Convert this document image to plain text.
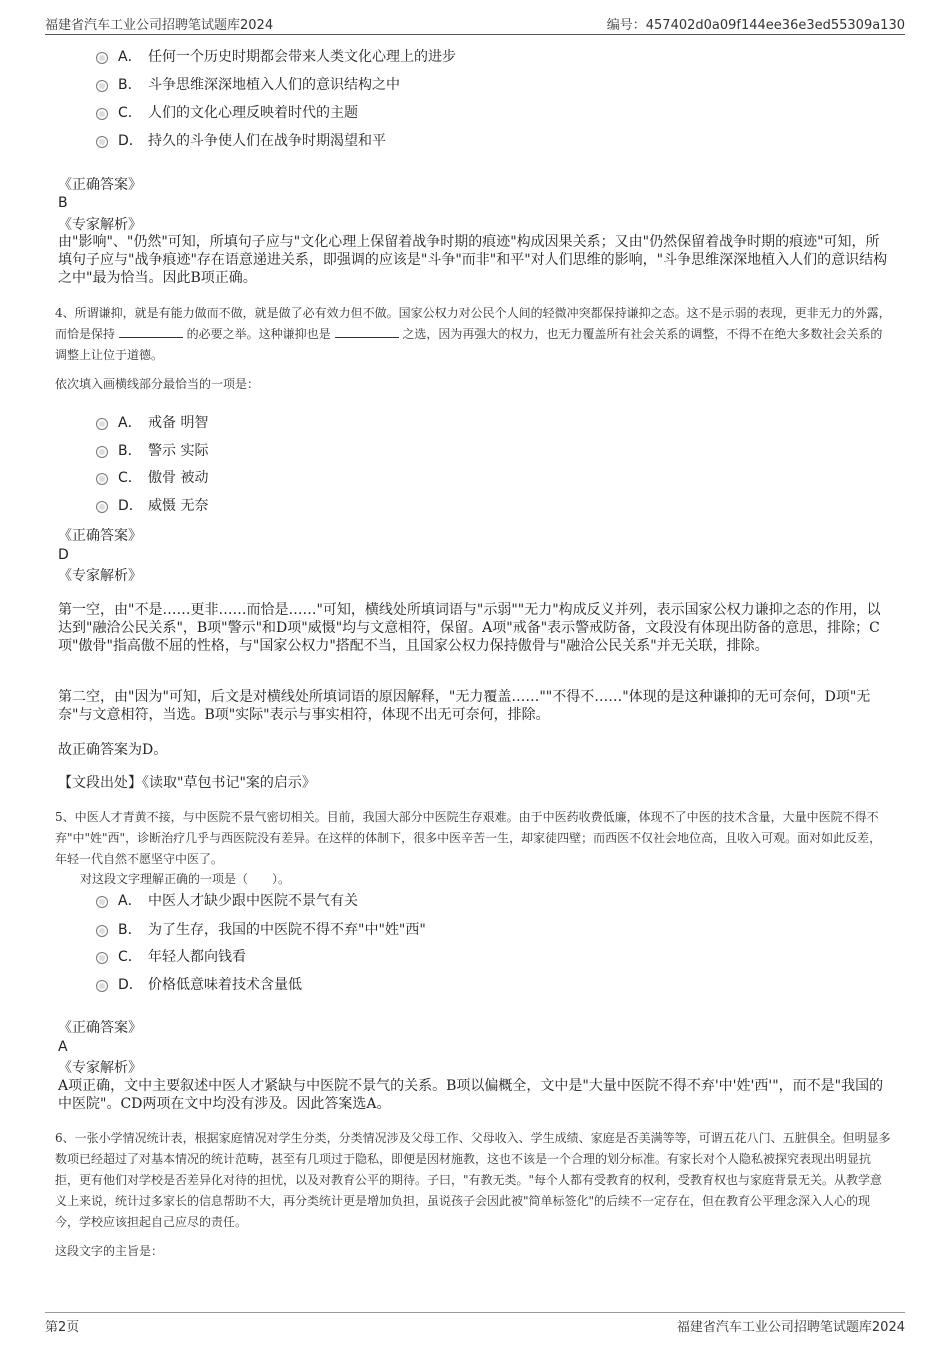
福建省汽车工业公司招聘笔试题库2024	编号：457402d0a09f144ee36e3ed55309a130
A． 任何一个历史时期都会带来人类文化心理上的进步
B． 斗争思维深深地植入人们的意识结构之中
C． 人们的文化心理反映着时代的主题
D． 持久的斗争使人们在战争时期渴望和平
《正确答案》
B
《专家解析》
由"影响"、"仍然"可知，所填句子应与"文化心理上保留着战争时期的痕迹"构成因果关系；又由"仍然保留着战争时期的痕迹"可知，所填句子应与"战争痕迹"存在语意递进关系，即强调的应该是"斗争"而非"和平"对人们思维的影响，"斗争思维深深地植入人们的意识结构之中"最为恰当。因此B项正确。
4、所谓谦抑，就是有能力做而不做，就是做了必有效力但不做。国家公权力对公民个人间的轻微冲突都保持谦抑之态。这不是示弱的表现，更非无力的外露，而恰是保持	的必要之举。这种谦抑也是	之选，因为再强大的权力，也无力覆盖所有社会关系的调整，不得不在绝大多数社会关系的调整上让位于道德。
依次填入画横线部分最恰当的一项是：
A． 戒备 明智
B． 警示 实际
C． 傲骨 被动
D． 威慑 无奈
《正确答案》
D
《专家解析》
第一空，由"不是……更非……而恰是……"可知，横线处所填词语与"示弱""无力"构成反义并列，表示国家公权力谦抑之态的作用，以达到"融洽公民关系"，B项"警示"和D项"威慑"均与文意相符，保留。A项"戒备"表示警戒防备，文段没有体现出防备的意思，排除；C项"傲骨"指高傲不屈的性格，与"国家公权力"搭配不当，且国家公权力保持傲骨与"融洽公民关系"并无关联，排除。
第二空，由"因为"可知，后文是对横线处所填词语的原因解释，"无力覆盖……""不得不……"体现的是这种谦抑的无可奈何，D项"无奈"与文意相符，当选。B项"实际"表示与事实相符，体现不出无可奈何，排除。
故正确答案为D。
【文段出处】《读取"草包书记"案的启示》
5、中医人才青黄不接，与中医院不景气密切相关。目前，我国大部分中医院生存艰难。由于中医药收费低廉，体现不了中医的技术含量，大量中医院不得不弃"中"姓"西"，诊断治疗几乎与西医院没有差异。在这样的体制下，很多中医辛苦一生，却家徒四壁；而西医不仅社会地位高，且收入可观。面对如此反差，年轻一代自然不愿坚守中医了。
对这段文字理解正确的一项是（　　）。
A． 中医人才缺少跟中医院不景气有关
B． 为了生存，我国的中医院不得不弃"中"姓"西"
C． 年轻人都向钱看
D． 价格低意味着技术含量低
《正确答案》
A
《专家解析》
A项正确，文中主要叙述中医人才紧缺与中医院不景气的关系。B项以偏概全，文中是"大量中医院不得不弃'中'姓'西'"，而不是"我国的中医院"。CD两项在文中均没有涉及。因此答案选A。
6、一张小学情况统计表，根据家庭情况对学生分类，分类情况涉及父母工作、父母收入、学生成绩、家庭是否美满等等，可谓五花八门、五脏俱全。但明显多数项已经超过了对基本情况的统计范畴，甚至有几项过于隐私，即便是因材施教，这也不该是一个合理的划分标准。有家长对个人隐私被探究表现出明显抗拒，更有他们对学校是否差异化对待的担忧，以及对教育公平的期待。子曰，"有教无类。"每个人都有受教育的权利，受教育权也与家庭背景无关。从教学意义上来说，统计过多家长的信息帮助不大，再分类统计更是增加负担，虽说孩子会因此被"简单标签化"的后续不一定存在，但在教育公平理念深入人心的现今，学校应该担起自己应尽的责任。
这段文字的主旨是：
第2页	福建省汽车工业公司招聘笔试题库2024
